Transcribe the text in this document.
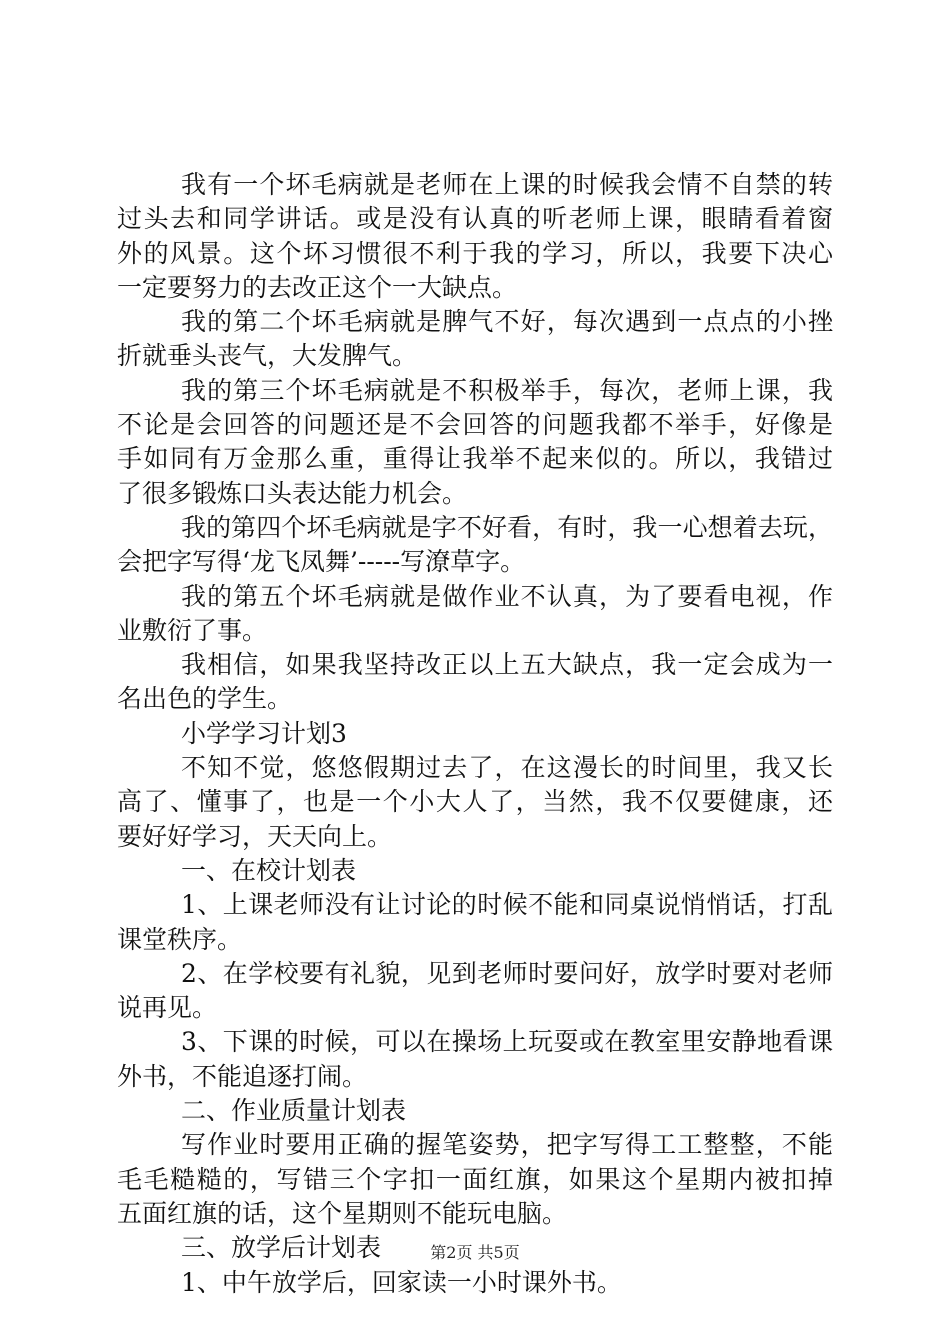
我有一个坏毛病就是老师在上课的时候我会情不自禁的转
过头去和同学讲话。或是没有认真的听老师上课，眼睛看着窗
外的风景。这个坏习惯很不利于我的学习，所以，我要下决心
一定要努力的去改正这个一大缺点。
我的第二个坏毛病就是脾气不好，每次遇到一点点的小挫
折就垂头丧气，大发脾气。
我的第三个坏毛病就是不积极举手，每次，老师上课，我
不论是会回答的问题还是不会回答的问题我都不举手，好像是
手如同有万金那么重，重得让我举不起来似的。所以，我错过
了很多锻炼口头表达能力机会。
我的第四个坏毛病就是字不好看，有时，我一心想着去玩，
会把字写得‘龙飞凤舞’-----写潦草字。
我的第五个坏毛病就是做作业不认真，为了要看电视，作
业敷衍了事。
我相信，如果我坚持改正以上五大缺点，我一定会成为一
名出色的学生。
小学学习计划3
不知不觉，悠悠假期过去了，在这漫长的时间里，我又长
高了、懂事了，也是一个小大人了，当然，我不仅要健康，还
要好好学习，天天向上。
一、在校计划表
1、上课老师没有让讨论的时候不能和同桌说悄悄话，打乱
课堂秩序。
2、在学校要有礼貌，见到老师时要问好，放学时要对老师
说再见。
3、下课的时候，可以在操场上玩耍或在教室里安静地看课
外书，不能追逐打闹。
二、作业质量计划表
写作业时要用正确的握笔姿势，把字写得工工整整，不能
毛毛糙糙的，写错三个字扣一面红旗，如果这个星期内被扣掉
五面红旗的话，这个星期则不能玩电脑。
三、放学后计划表
1、中午放学后，回家读一小时课外书。
第2页 共5页
